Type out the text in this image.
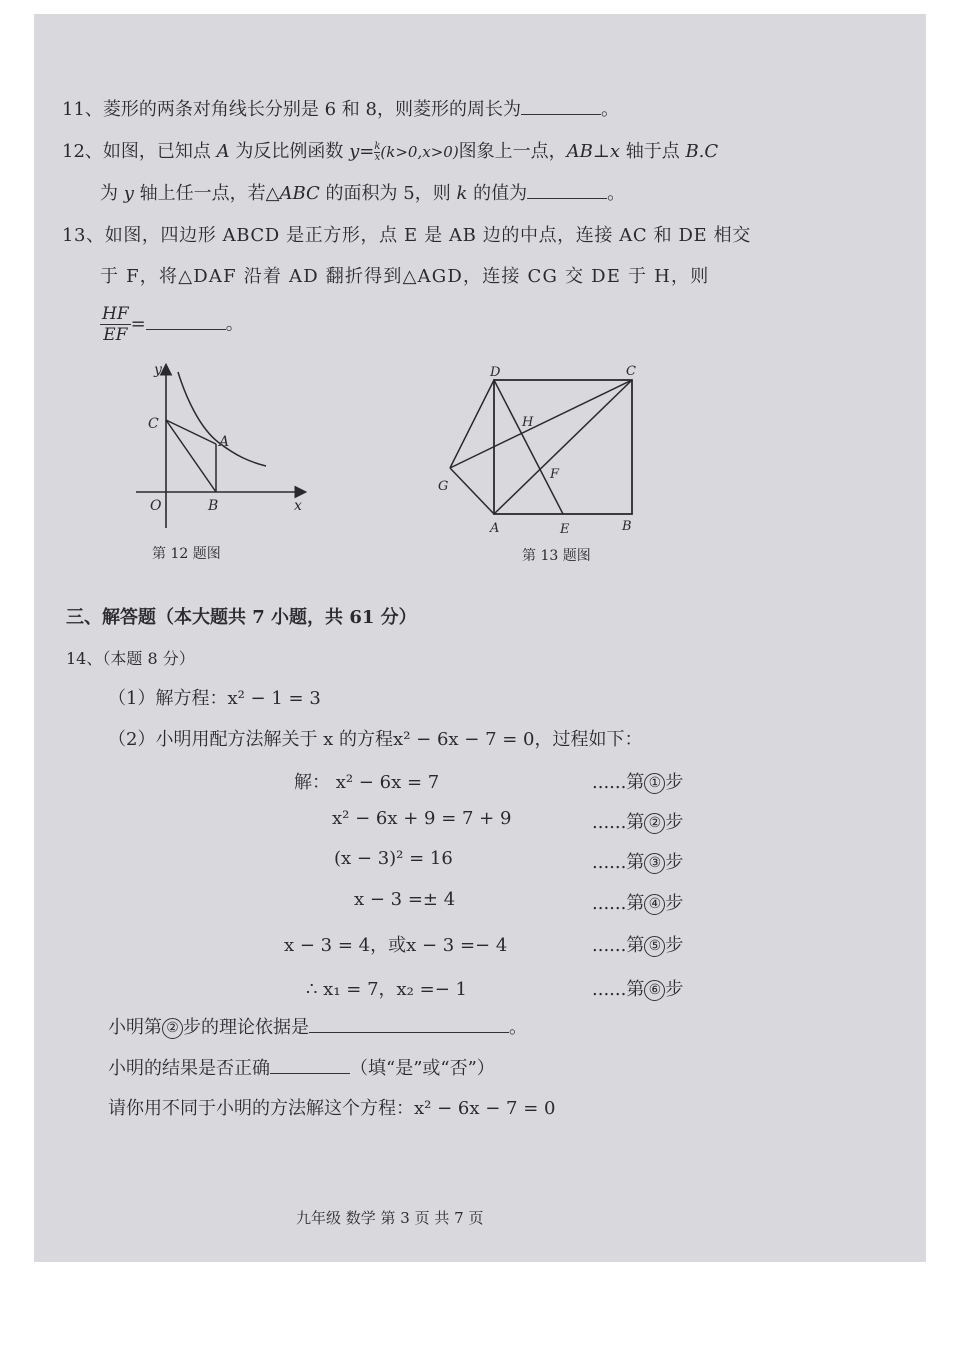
11、菱形的两条对角线长分别是 6 和 8，则菱形的周长为	。
12、如图，已知点 A 为反比例函数 $y= \frac{k}{x}(k>0,x>0)$图象上一点，AB⊥x 轴于点 B.C
为 y 轴上任一点，若△ABC 的面积为 5，则 k 的值为	。
13、如图，四边形 ABCD 是正方形，点 E 是 AB 边的中点，连接 AC 和 DE 相交
于 F，将△DAF 沿着 AD 翻折得到△AGD，连接 CG 交 DE 于 H，则
$\frac{HF}{EF}$ =	。
y
x
O
C
A
B
第 12 题图
D	C
H
F
G
A	E	B
第 13 题图
三、解答题（本大题共 7 小题，共 61 分）
14、（本题 8 分）
（1）解方程：x² − 1 = 3
（2）小明用配方法解关于 x 的方程x² − 6x − 7 = 0，过程如下：
解： x² − 6x = 7
x² − 6x + 9 = 7 + 9
(x − 3)² = 16
x − 3 =± 4
x − 3 = 4，或x − 3 =− 4
∴ x₁ = 7，x₂ =− 1
......第 ① 步
......第 ② 步
......第 ③ 步
......第 ④ 步
......第 ⑤ 步
......第 ⑥ 步
小明第 ② 步的理论依据是	。
小明的结果是否正确	（填“是”或“否”）
请你用不同于小明的方法解这个方程：x² − 6x − 7 = 0
九年级 数学 第 3 页 共 7 页
